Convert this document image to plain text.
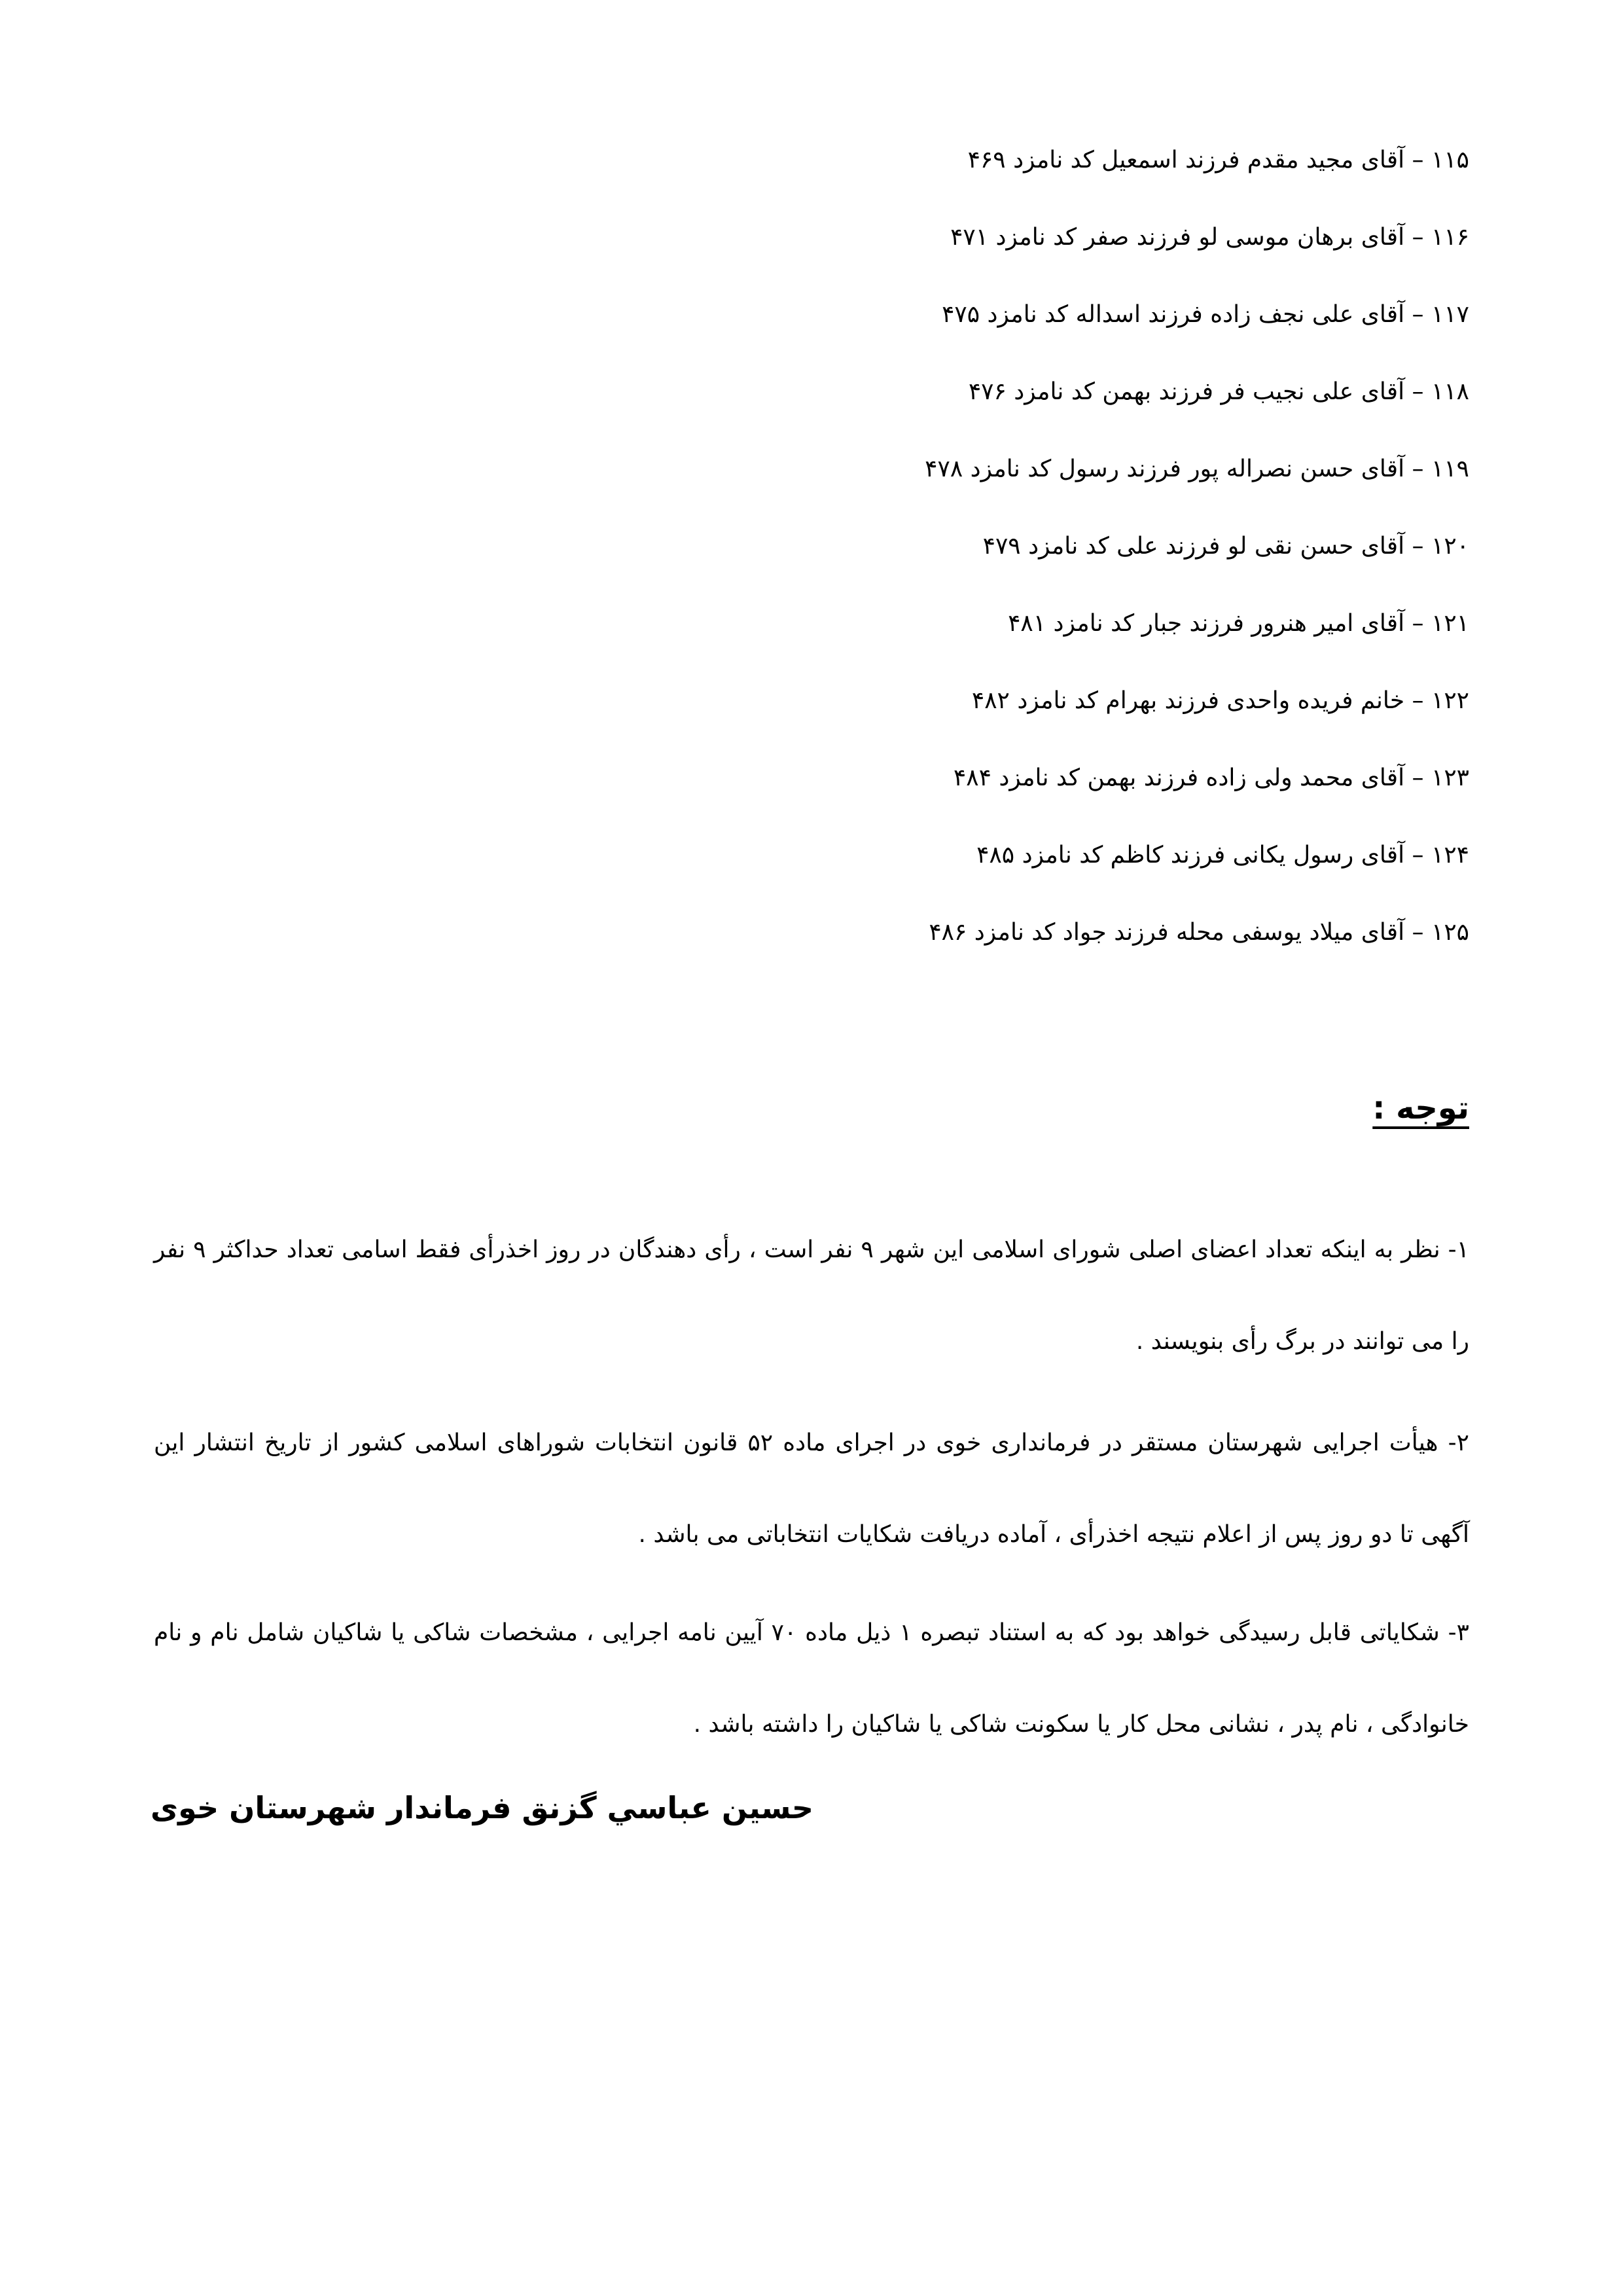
۱۱۵ – آقای مجید مقدم فرزند اسمعیل کد نامزد ۴۶۹
۱۱۶ – آقای برهان موسی لو فرزند صفر کد نامزد ۴۷۱
۱۱۷ – آقای علی نجف زاده فرزند اسداله کد نامزد ۴۷۵
۱۱۸ – آقای علی نجیب فر فرزند بهمن کد نامزد ۴۷۶
۱۱۹ – آقای حسن نصراله پور فرزند رسول کد نامزد ۴۷۸
۱۲۰ – آقای حسن نقی لو فرزند علی کد نامزد ۴۷۹
۱۲۱ – آقای امیر هنرور فرزند جبار کد نامزد ۴۸۱
۱۲۲ – خانم فریده واحدی فرزند بهرام کد نامزد ۴۸۲
۱۲۳ – آقای محمد ولی زاده فرزند بهمن کد نامزد ۴۸۴
۱۲۴ – آقای رسول یکانی فرزند کاظم کد نامزد ۴۸۵
۱۲۵ – آقای میلاد یوسفی محله فرزند جواد کد نامزد ۴۸۶
توجه :

۱- نظر به اینکه تعداد اعضای اصلی شورای اسلامی این شهر ۹ نفر است ، رأی دهندگان در روز اخذرأی فقط اسامی تعداد حداکثر ۹ نفر را می توانند در برگ رأی بنویسند .

۲- هیأت اجرایی شهرستان مستقر در فرمانداری خوی در اجرای ماده ۵۲ قانون انتخابات شوراهای اسلامی کشور از تاریخ انتشار این آگهی تا دو روز پس از اعلام نتیجه اخذرأی ، آماده دریافت شکایات انتخاباتی می باشد .

۳- شکایاتی قابل رسیدگی خواهد بود که به استناد تبصره ۱ ذیل ماده ۷۰ آیین نامه اجرایی ، مشخصات شاکی یا شاکیان شامل نام و نام خانوادگی ، نام پدر ، نشانی محل کار یا سکونت شاکی یا شاکیان را داشته باشد .

حسين عباسي گزنق فرماندار شهرستان خوی
